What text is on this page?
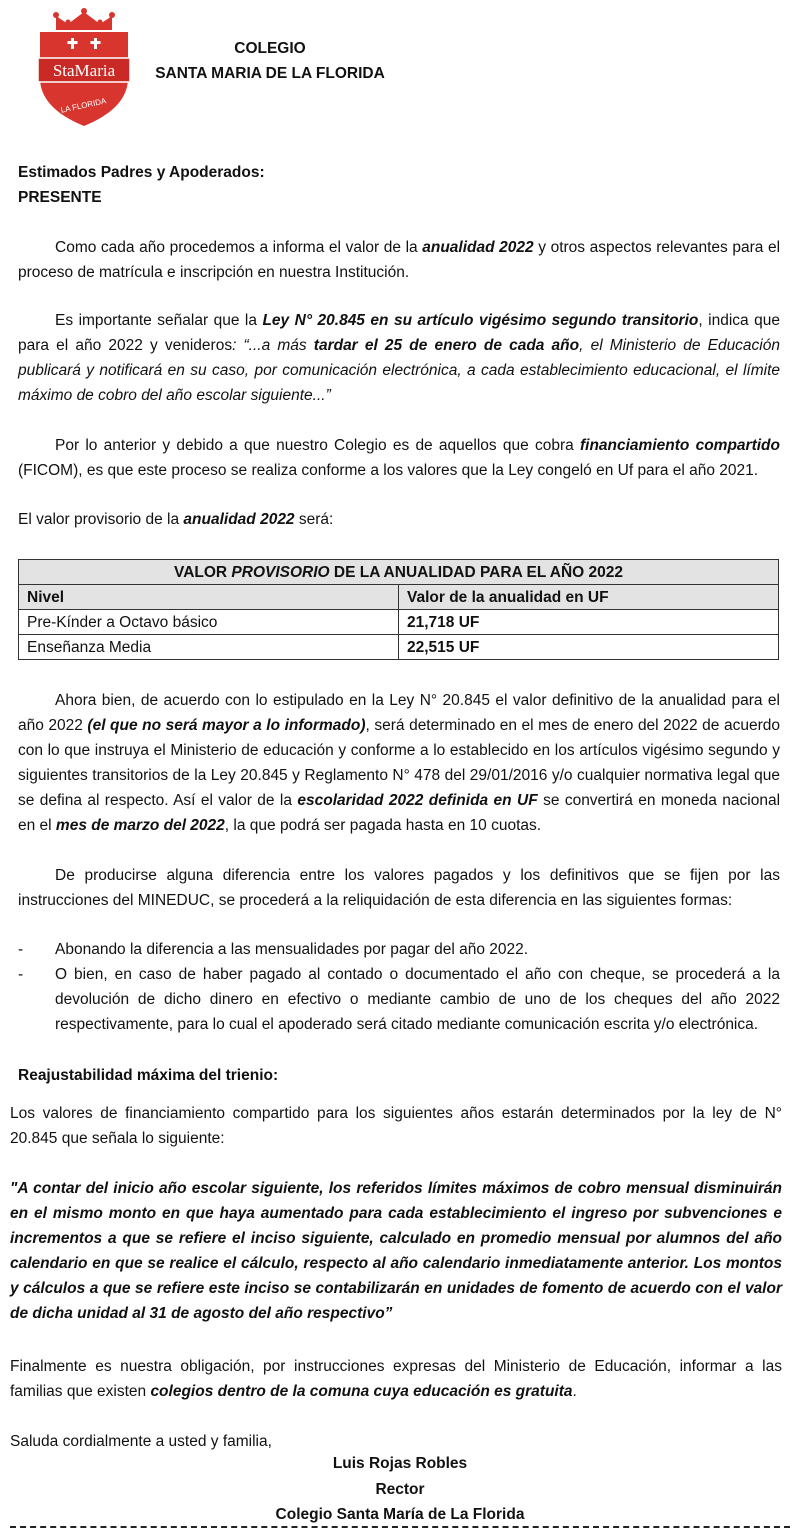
StaMaria
LA FLORIDA
COLEGIO
SANTA MARIA DE LA FLORIDA
Estimados Padres y Apoderados:
PRESENTE

Como cada año procedemos a informa el valor de la anualidad 2022 y otros aspectos relevantes para el proceso de matrícula e inscripción en nuestra Institución.

Es importante señalar que la Ley N° 20.845 en su artículo vigésimo segundo transitorio, indica que para el año 2022 y venideros: “...a más tardar el 25 de enero de cada año, el Ministerio de Educación publicará y notificará en su caso, por comunicación electrónica, a cada establecimiento educacional, el límite máximo de cobro del año escolar siguiente...”

Por lo anterior y debido a que nuestro Colegio es de aquellos que cobra financiamiento compartido (FICOM), es que este proceso se realiza conforme a los valores que la Ley congeló en Uf para el año 2021.

El valor provisorio de la anualidad 2022 será:

VALOR PROVISORIO DE LA ANUALIDAD PARA EL AÑO 2022	
Nivel	Valor de la anualidad en UF
Pre-Kínder a Octavo básico	21,718 UF
Enseñanza Media	22,515 UF

Ahora bien, de acuerdo con lo estipulado en la Ley N° 20.845 el valor definitivo de la anualidad para el año 2022 (el que no será mayor a lo informado), será determinado en el mes de enero del 2022 de acuerdo con lo que instruya el Ministerio de educación y conforme a lo establecido en los artículos vigésimo segundo y siguientes transitorios de la Ley 20.845 y Reglamento N° 478 del 29/01/2016 y/o cualquier normativa legal que se defina al respecto. Así el valor de la escolaridad 2022 definida en UF se convertirá en moneda nacional en el mes de marzo del 2022, la que podrá ser pagada hasta en 10 cuotas.

De producirse alguna diferencia entre los valores pagados y los definitivos que se fijen por las instrucciones del MINEDUC, se procederá a la reliquidación de esta diferencia en las siguientes formas:

- Abonando la diferencia a las mensualidades por pagar del año 2022.
- O bien, en caso de haber pagado al contado o documentado el año con cheque, se procederá a la devolución de dicho dinero en efectivo o mediante cambio de uno de los cheques del año 2022 respectivamente, para lo cual el apoderado será citado mediante comunicación escrita y/o electrónica.
Reajustabilidad máxima del trienio:

Los valores de financiamiento compartido para los siguientes años estarán determinados por la ley de N° 20.845 que señala lo siguiente:

"A contar del inicio año escolar siguiente, los referidos límites máximos de cobro mensual disminuirán en el mismo monto en que haya aumentado para cada establecimiento el ingreso por subvenciones e incrementos a que se refiere el inciso siguiente, calculado en promedio mensual por alumnos del año calendario en que se realice el cálculo, respecto al año calendario inmediatamente anterior. Los montos y cálculos a que se refiere este inciso se contabilizarán en unidades de fomento de acuerdo con el valor de dicha unidad al 31 de agosto del año respectivo”

Finalmente es nuestra obligación, por instrucciones expresas del Ministerio de Educación, informar a las familias que existen colegios dentro de la comuna cuya educación es gratuita.

Saluda cordialmente a usted y familia,
Luis Rojas Robles
Rector
Colegio Santa María de La Florida
